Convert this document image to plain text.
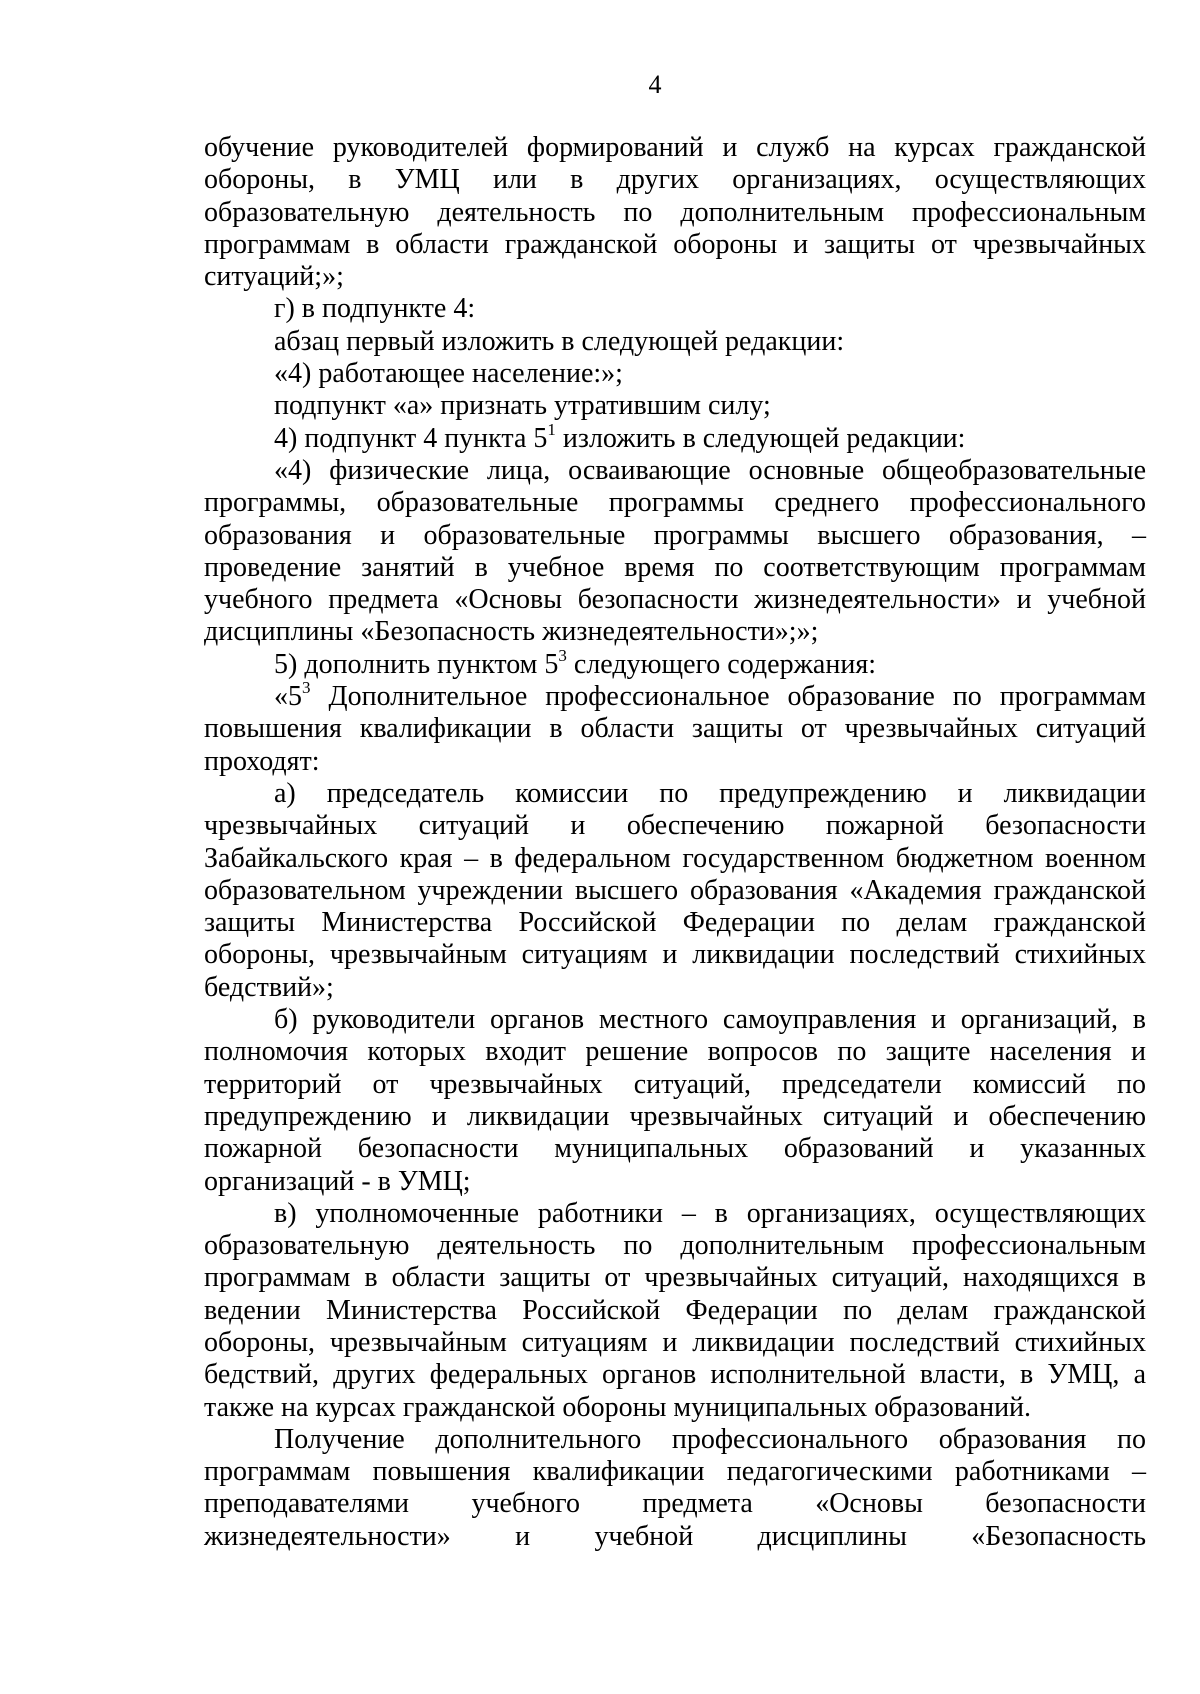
4

обучение руководителей формирований и служб на курсах гражданской обороны, в УМЦ или в других организациях, осуществляющих образовательную деятельность по дополнительным профессиональным программам в области гражданской обороны и защиты от чрезвычайных ситуаций;»;

г) в подпункте 4:

абзац первый изложить в следующей редакции:

«4) работающее население:»;

подпункт «а» признать утратившим силу;

4) подпункт 4 пункта $5^1$ изложить в следующей редакции:

«4) физические лица, осваивающие основные общеобразовательные программы, образовательные программы среднего профессионального образования и образовательные программы высшего образования, – проведение занятий в учебное время по соответствующим программам учебного предмета «Основы безопасности жизнедеятельности» и учебной дисциплины «Безопасность жизнедеятельности»;»;

5) дополнить пунктом $5^3$ следующего содержания:

«$5^3$ Дополнительное профессиональное образование по программам повышения квалификации в области защиты от чрезвычайных ситуаций проходят:

а) председатель комиссии по предупреждению и ликвидации чрезвычайных ситуаций и обеспечению пожарной безопасности Забайкальского края – в федеральном государственном бюджетном военном образовательном учреждении высшего образования «Академия гражданской защиты Министерства Российской Федерации по делам гражданской обороны, чрезвычайным ситуациям и ликвидации последствий стихийных бедствий»;

б) руководители органов местного самоуправления и организаций, в полномочия которых входит решение вопросов по защите населения и территорий от чрезвычайных ситуаций, председатели комиссий по предупреждению и ликвидации чрезвычайных ситуаций и обеспечению пожарной безопасности муниципальных образований и указанных организаций - в УМЦ;

в) уполномоченные работники – в организациях, осуществляющих образовательную деятельность по дополнительным профессиональным программам в области защиты от чрезвычайных ситуаций, находящихся в ведении Министерства Российской Федерации по делам гражданской обороны, чрезвычайным ситуациям и ликвидации последствий стихийных бедствий, других федеральных органов исполнительной власти, в УМЦ, а также на курсах гражданской обороны муниципальных образований.

Получение дополнительного профессионального образования по программам повышения квалификации педагогическими работниками – преподавателями учебного предмета «Основы безопасности жизнедеятельности» и учебной дисциплины «Безопасность
